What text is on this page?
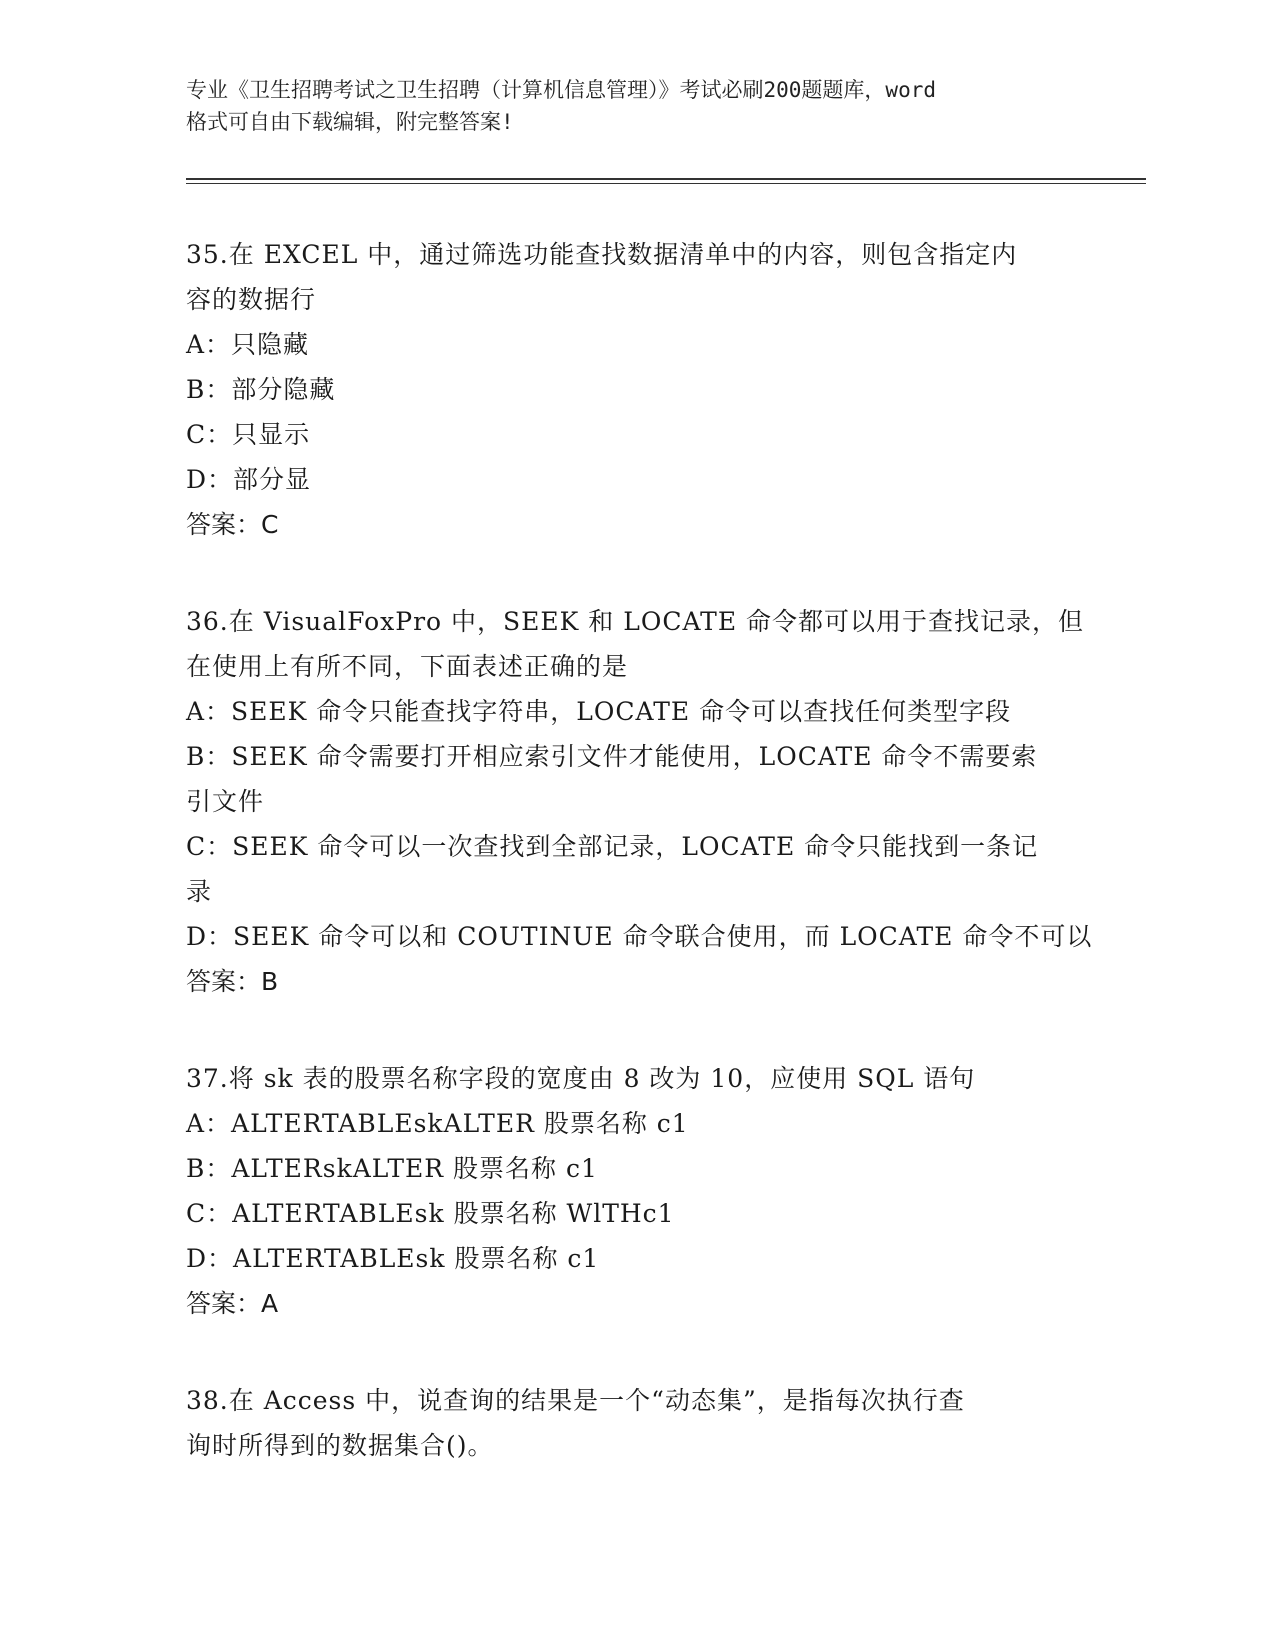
专业《卫生招聘考试之卫生招聘（计算机信息管理）》考试必刷200题题库，word
格式可自由下载编辑，附完整答案!
35.在 EXCEL 中，通过筛选功能查找数据清单中的内容，则包含指定内
容的数据行
A：只隐藏
B：部分隐藏
C：只显示
D：部分显
答案：C
36.在 VisualFoxPro 中，SEEK 和 LOCATE 命令都可以用于查找记录，但
在使用上有所不同，下面表述正确的是
A：SEEK 命令只能查找字符串，LOCATE 命令可以查找任何类型字段
B：SEEK 命令需要打开相应索引文件才能使用，LOCATE 命令不需要索
引文件
C：SEEK 命令可以一次查找到全部记录，LOCATE 命令只能找到一条记
录
D：SEEK 命令可以和 COUTINUE 命令联合使用，而 LOCATE 命令不可以
答案：B
37.将 sk 表的股票名称字段的宽度由 8 改为 10，应使用 SQL 语句
A：ALTERTABLEskALTER 股票名称 c1
B：ALTERskALTER 股票名称 c1
C：ALTERTABLEsk 股票名称 WlTHc1
D：ALTERTABLEsk 股票名称 c1
答案：A
38.在 Access 中，说查询的结果是一个“动态集”，是指每次执行查
询时所得到的数据集合()。
